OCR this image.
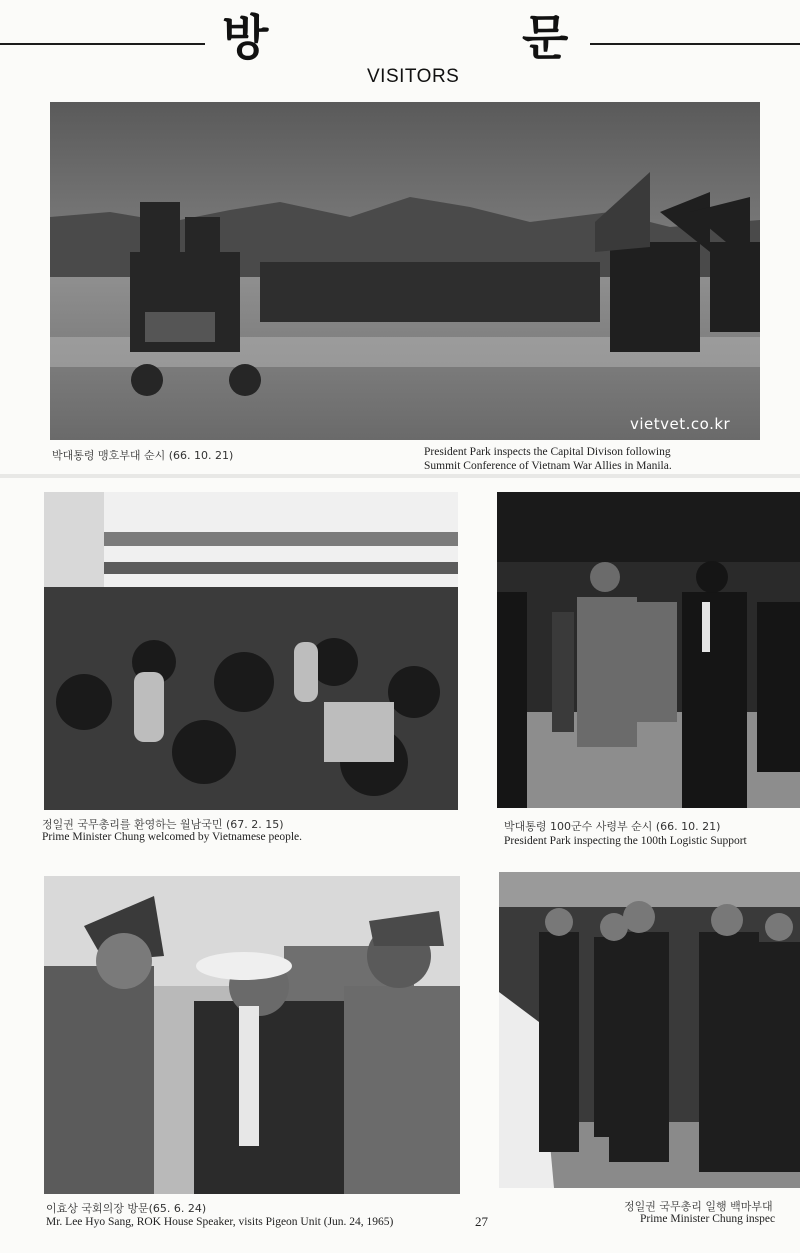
방	문
VISITORS
vietvet.co.kr
박대통령 맹호부대 순시 (66. 10. 21)	President Park inspects the Capital Divison following
Summit Conference of Vietnam War Allies in Manila.
정일권 국무총리를 환영하는 월남국민 (67. 2. 15)
Prime Minister Chung welcomed by Vietnamese people.
박대통령 100군수 사령부 순시 (66. 10. 21)
President Park inspecting the 100th Logistic Support
이효상 국회의장 방문(65. 6. 24)
Mr. Lee Hyo Sang, ROK House Speaker, visits Pigeon Unit (Jun. 24, 1965)	27
정일권 국무총리 일행 백마부대
Prime Minister Chung inspec
